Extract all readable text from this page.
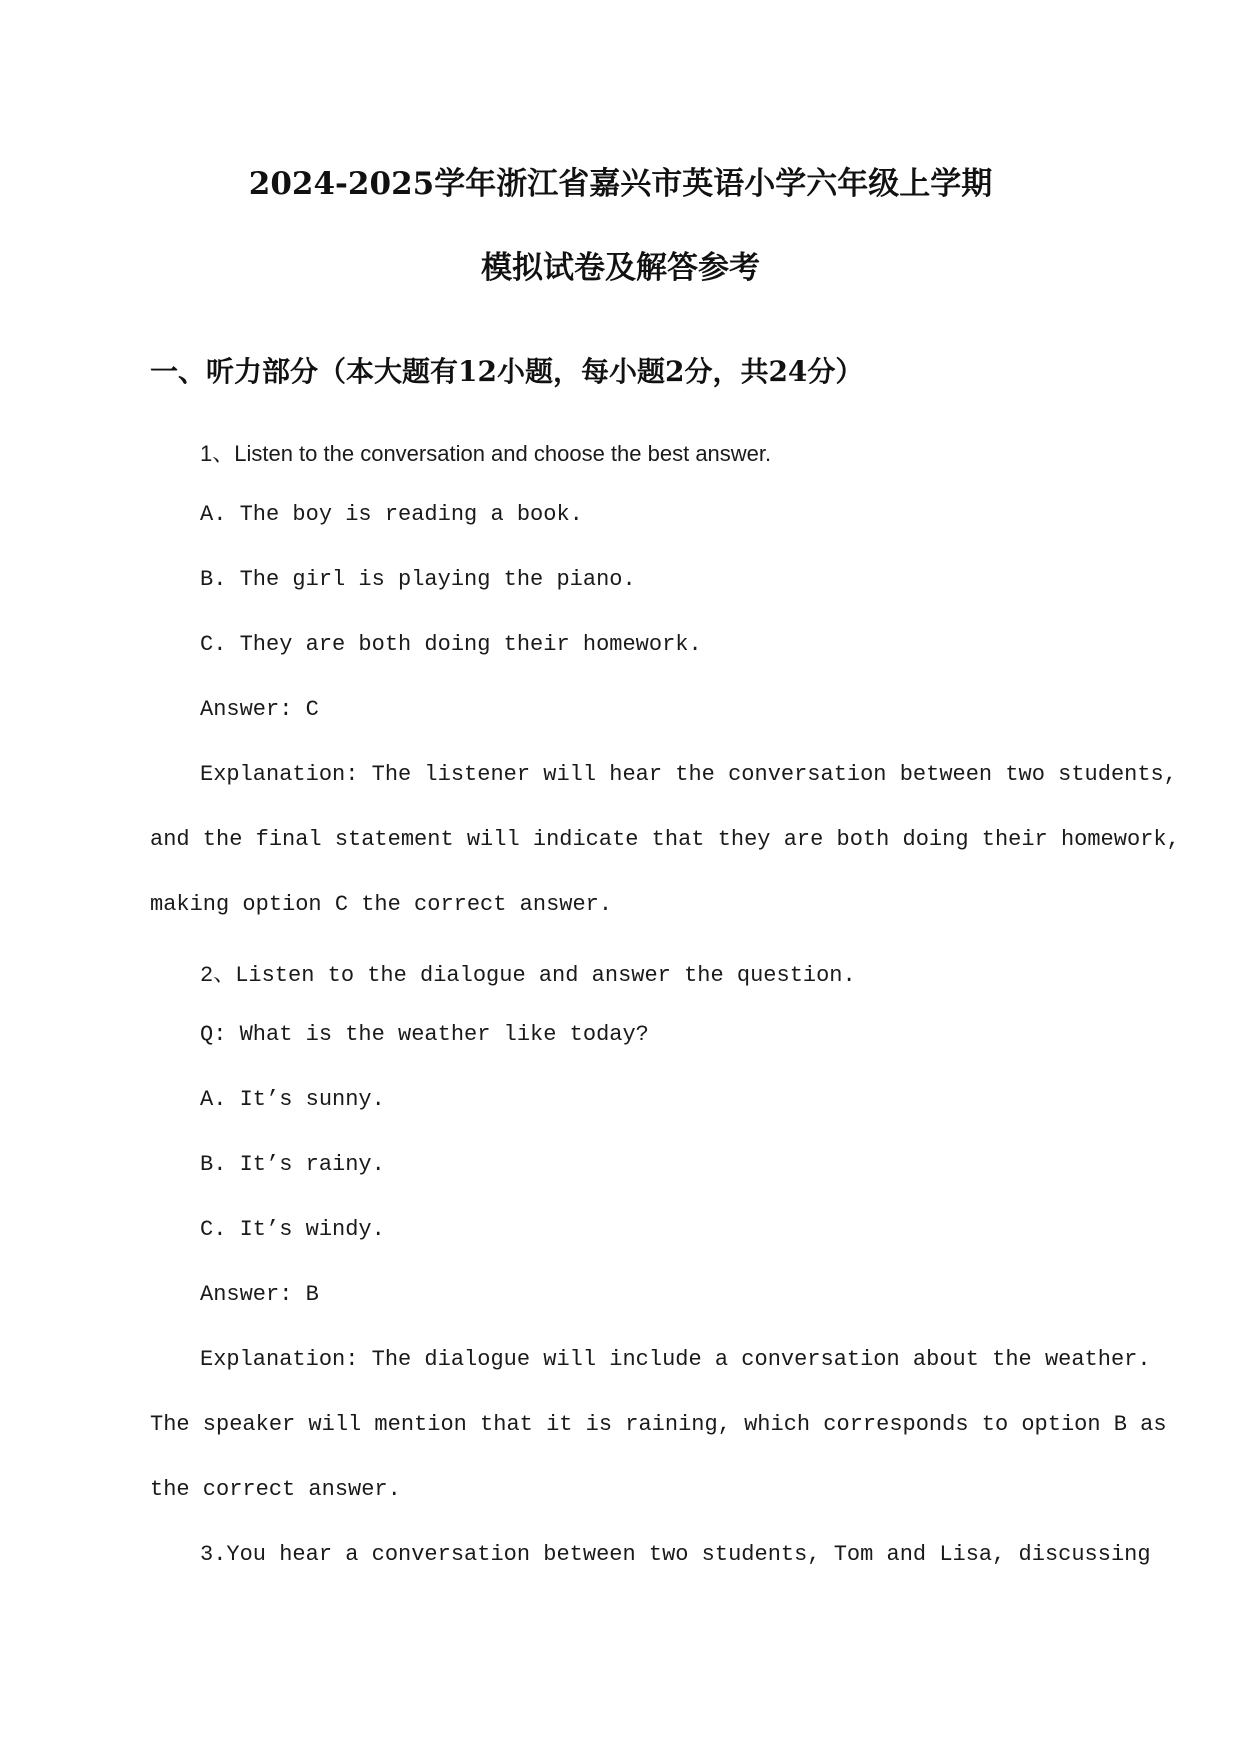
2024-2025学年浙江省嘉兴市英语小学六年级上学期
模拟试卷及解答参考
一、听力部分（本大题有12小题，每小题2分，共24分）
1、Listen to the conversation and choose the best answer.
A. The boy is reading a book.
B. The girl is playing the piano.
C. They are both doing their homework.
Answer: C
Explanation: The listener will hear the conversation between two students,
and the final statement will indicate that they are both doing their homework,
making option C the correct answer.
2、Listen to the dialogue and answer the question.
Q: What is the weather like today?
A. It’s sunny.
B. It’s rainy.
C. It’s windy.
Answer: B
Explanation: The dialogue will include a conversation about the weather.
The speaker will mention that it is raining, which corresponds to option B as
the correct answer.
3.You hear a conversation between two students, Tom and Lisa, discussing
